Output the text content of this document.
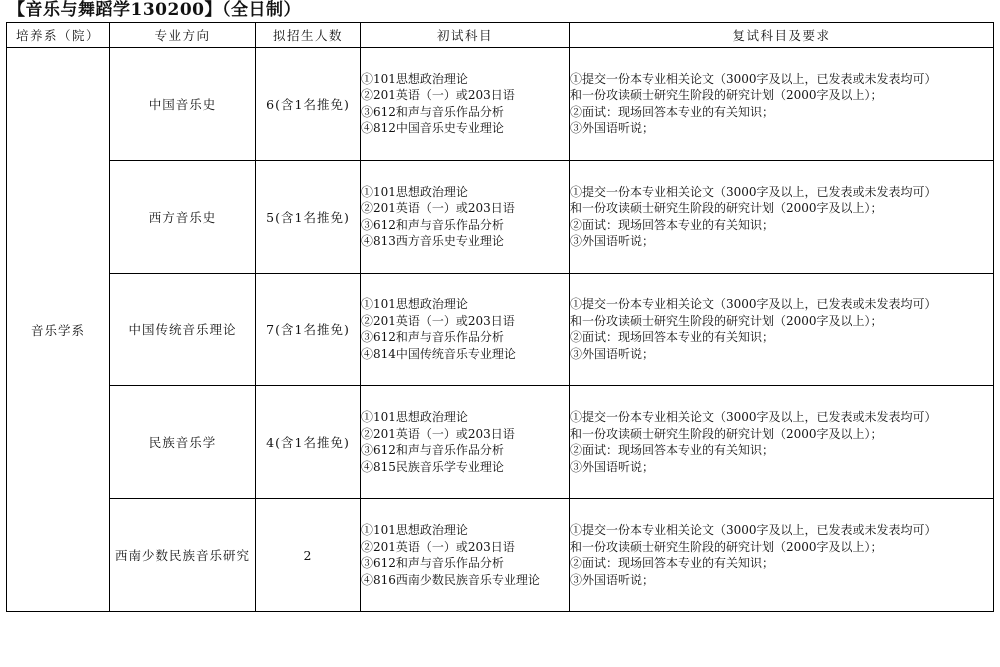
【音乐与舞蹈学130200】（全日制）
培养系（院）	专业方向	拟招生人数	初试科目	复试科目及要求
音乐学系	中国音乐史	6(含1名推免)	①101思想政治理论
②201英语（一）或203日语
③612和声与音乐作品分析
④812中国音乐史专业理论	①提交一份本专业相关论文（3000字及以上，已发表或未发表均可）
和一份攻读硕士研究生阶段的研究计划（2000字及以上）；
②面试：现场回答本专业的有关知识；
③外国语听说；

	西方音乐史	5(含1名推免)	①101思想政治理论
②201英语（一）或203日语
③612和声与音乐作品分析
④813西方音乐史专业理论	①提交一份本专业相关论文（3000字及以上，已发表或未发表均可）
和一份攻读硕士研究生阶段的研究计划（2000字及以上）；
②面试：现场回答本专业的有关知识；
③外国语听说；

	中国传统音乐理论	7(含1名推免)	①101思想政治理论
②201英语（一）或203日语
③612和声与音乐作品分析
④814中国传统音乐专业理论	①提交一份本专业相关论文（3000字及以上，已发表或未发表均可）
和一份攻读硕士研究生阶段的研究计划（2000字及以上）；
②面试：现场回答本专业的有关知识；
③外国语听说；

	民族音乐学	4(含1名推免)	①101思想政治理论
②201英语（一）或203日语
③612和声与音乐作品分析
④815民族音乐学专业理论	①提交一份本专业相关论文（3000字及以上，已发表或未发表均可）
和一份攻读硕士研究生阶段的研究计划（2000字及以上）；
②面试：现场回答本专业的有关知识；
③外国语听说；

	西南少数民族音乐研究	2	①101思想政治理论
②201英语（一）或203日语
③612和声与音乐作品分析
④816西南少数民族音乐专业理论	①提交一份本专业相关论文（3000字及以上，已发表或未发表均可）
和一份攻读硕士研究生阶段的研究计划（2000字及以上）；
②面试：现场回答本专业的有关知识；
③外国语听说；
